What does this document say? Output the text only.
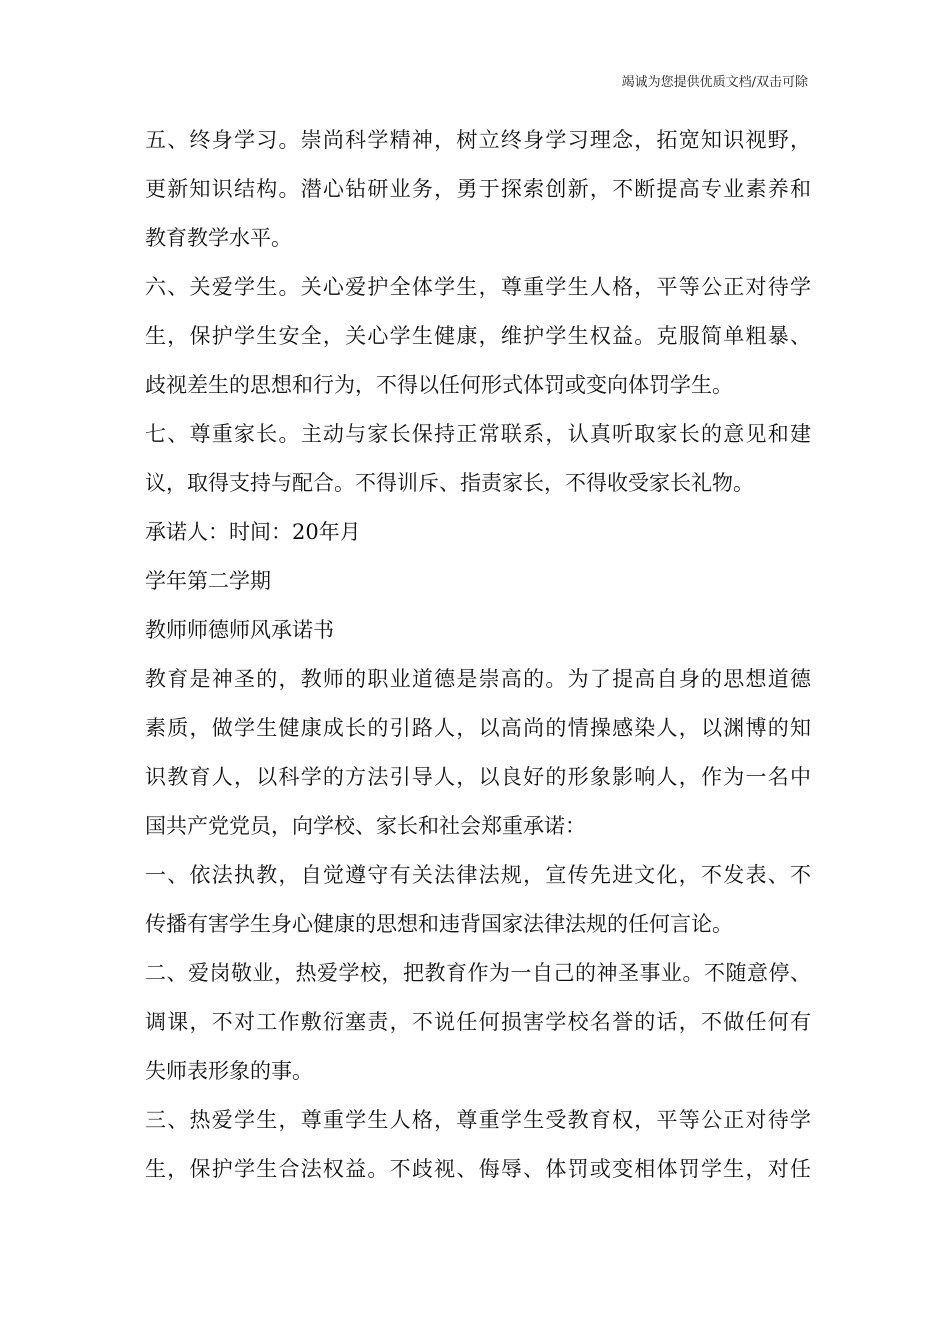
竭诚为您提供优质文档/双击可除
五、终身学习。崇尚科学精神，树立终身学习理念，拓宽知识视野，
更新知识结构。潜心钻研业务，勇于探索创新，不断提高专业素养和
教育教学水平。
六、关爱学生。关心爱护全体学生，尊重学生人格，平等公正对待学
生，保护学生安全，关心学生健康，维护学生权益。克服简单粗暴、
歧视差生的思想和行为，不得以任何形式体罚或变向体罚学生。
七、尊重家长。主动与家长保持正常联系，认真听取家长的意见和建
议，取得支持与配合。不得训斥、指责家长，不得收受家长礼物。
承诺人：时间：20年月
学年第二学期
教师师德师风承诺书
教育是神圣的，教师的职业道德是崇高的。为了提高自身的思想道德
素质，做学生健康成长的引路人，以高尚的情操感染人，以渊博的知
识教育人，以科学的方法引导人，以良好的形象影响人，作为一名中
国共产党党员，向学校、家长和社会郑重承诺：
一、依法执教，自觉遵守有关法律法规，宣传先进文化，不发表、不
传播有害学生身心健康的思想和违背国家法律法规的任何言论。
二、爱岗敬业，热爱学校，把教育作为一自己的神圣事业。不随意停、
调课，不对工作敷衍塞责，不说任何损害学校名誉的话，不做任何有
失师表形象的事。
三、热爱学生，尊重学生人格，尊重学生受教育权，平等公正对待学
生，保护学生合法权益。不歧视、侮辱、体罚或变相体罚学生，对任
